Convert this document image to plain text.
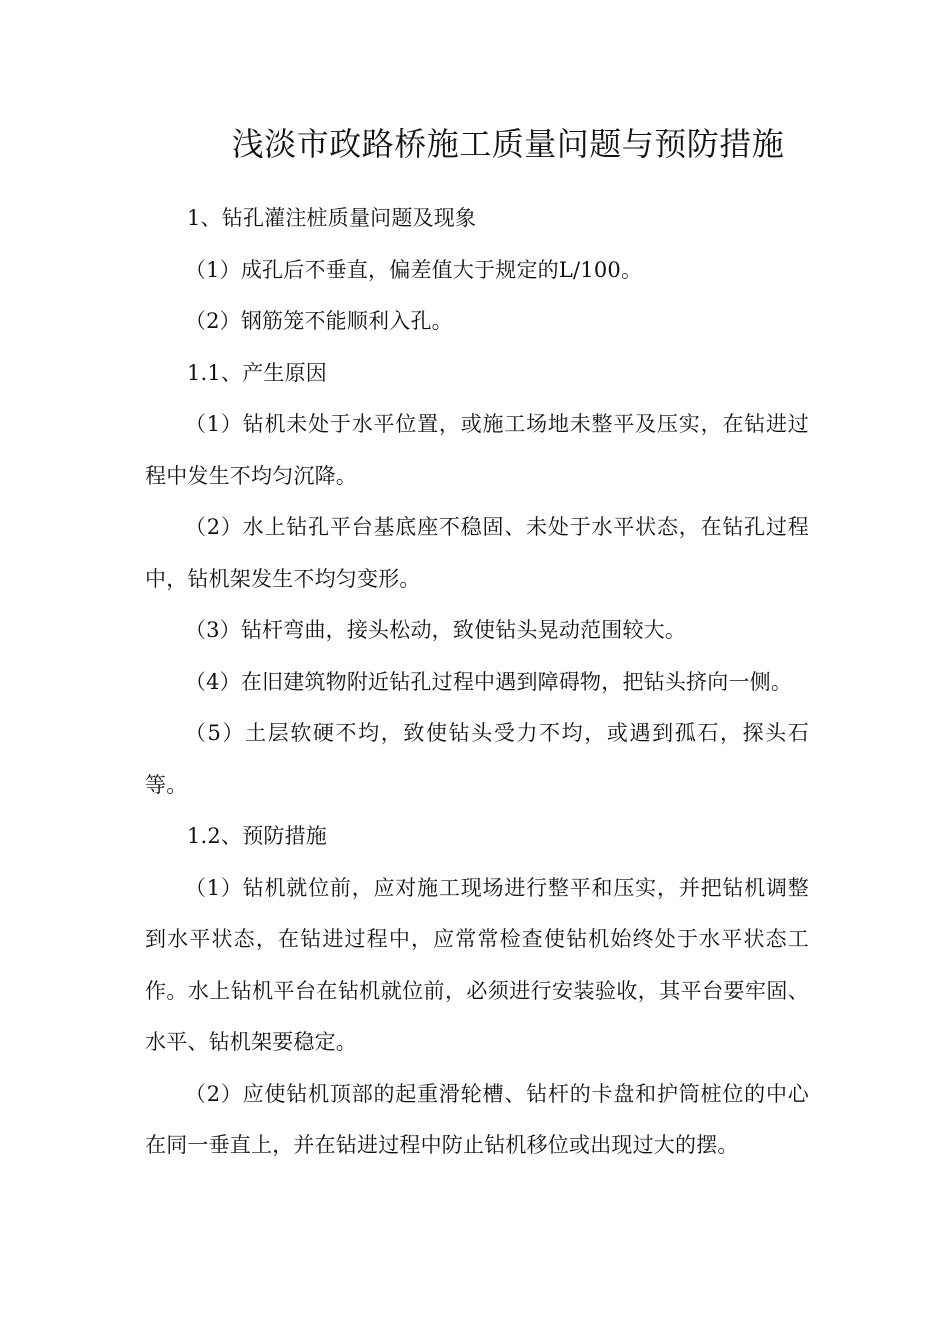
浅淡市政路桥施工质量问题与预防措施

1、钻孔灌注桩质量问题及现象

（1）成孔后不垂直，偏差值大于规定的L/100。

（2）钢筋笼不能顺利入孔。

1.1、产生原因

（1）钻机未处于水平位置，或施工场地未整平及压实，在钻进过程中发生不均匀沉降。

（2）水上钻孔平台基底座不稳固、未处于水平状态，在钻孔过程中，钻机架发生不均匀变形。

（3）钻杆弯曲，接头松动，致使钻头晃动范围较大。

（4）在旧建筑物附近钻孔过程中遇到障碍物，把钻头挤向一侧。

（5）土层软硬不均，致使钻头受力不均，或遇到孤石，探头石等。

1.2、预防措施

（1）钻机就位前，应对施工现场进行整平和压实，并把钻机调整到水平状态，在钻进过程中，应常常检查使钻机始终处于水平状态工作。水上钻机平台在钻机就位前，必须进行安装验收，其平台要牢固、水平、钻机架要稳定。

（2）应使钻机顶部的起重滑轮槽、钻杆的卡盘和护筒桩位的中心在同一垂直上，并在钻进过程中防止钻机移位或出现过大的摆。
